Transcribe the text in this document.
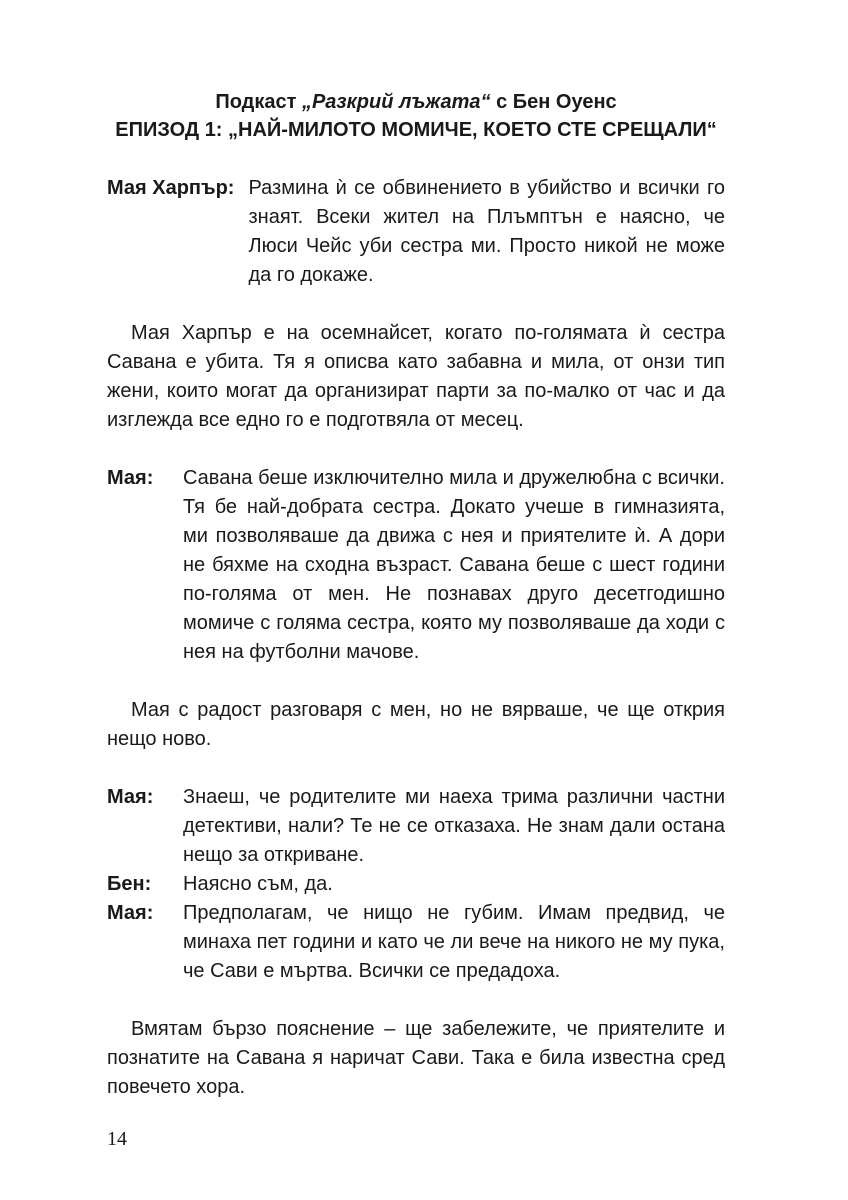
Подкаст „Разкрий лъжата“ с Бен Оуенс

ЕПИЗОД 1: „НАЙ-МИЛОТО МОМИЧЕ, КОЕТО СТЕ СРЕЩАЛИ“

Мая Харпър: Размина ѝ се обвинението в убийство и всички го знаят. Всеки жител на Плъмптън е наясно, че Люси Чейс уби сестра ми. Просто никой не може да го докаже.

Мая Харпър е на осемнайсет, когато по-голямата ѝ сестра Савана е убита. Тя я описва като забавна и мила, от онзи тип жени, които могат да организират парти за по-малко от час и да изглежда все едно го е подготвяла от месец.

Мая:	Савана беше изключително мила и дружелюбна с всички. Тя бе най-добрата сестра. Докато учеше в гимназията, ми позволяваше да движа с нея и приятелите ѝ. А дори не бяхме на сходна възраст. Савана беше с шест години по-голяма от мен. Не познавах друго десетгодишно момиче с голяма сестра, която му позволяваше да ходи с нея на футболни мачове.

Мая с радост разговаря с мен, но не вярваше, че ще открия нещо ново.

Мая:	Знаеш, че родителите ми наеха трима различни частни детективи, нали? Те не се отказаха. Не знам дали остана нещо за откриване.
Бен:	Наясно съм, да.
Мая:	Предполагам, че нищо не губим. Имам предвид, че минаха пет години и като че ли вече на никого не му пука, че Сави е мъртва. Всички се предадоха.

Вмятам бързо пояснение – ще забележите, че приятелите и познатите на Савана я наричат Сави. Така е била известна сред повечето хора.

14
